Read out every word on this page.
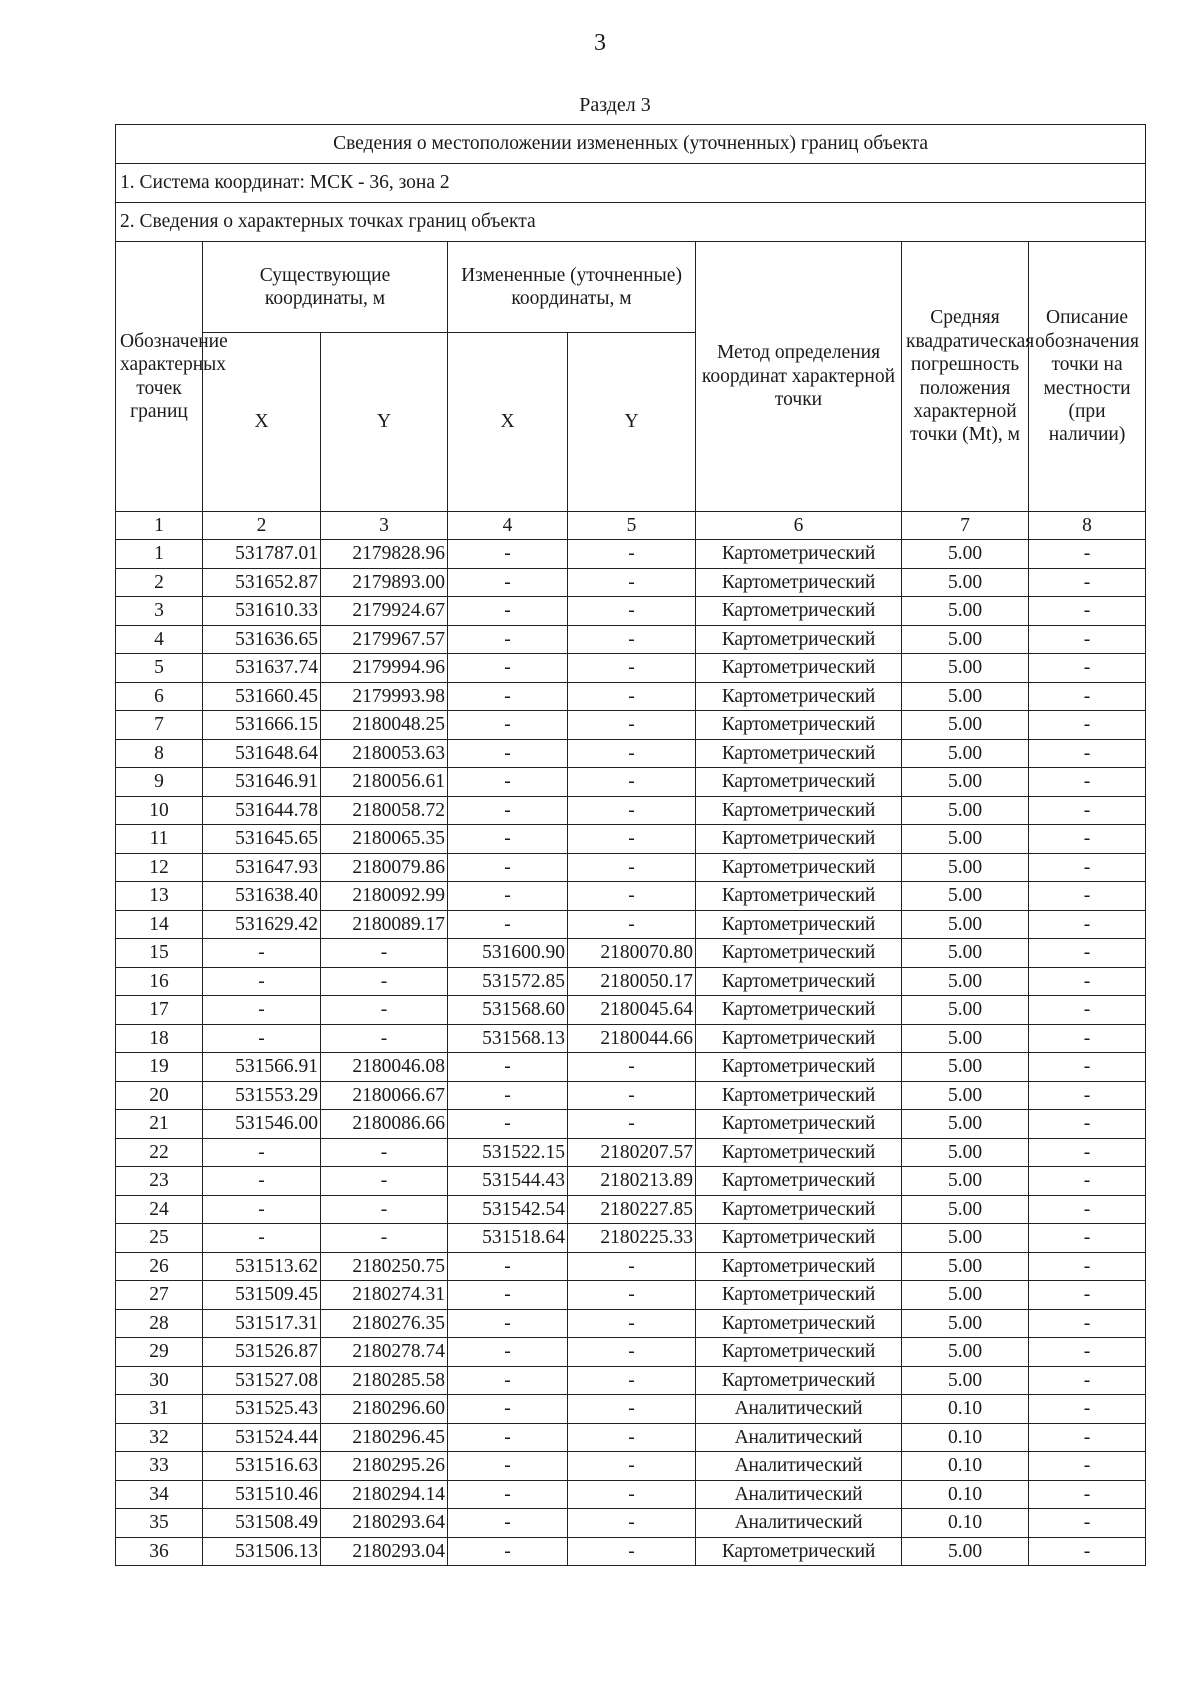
3
Раздел 3
Сведения о местоположении измененных (уточненных) границ объекта							
1. Система координат: МСК - 36, зона 2							
2. Сведения о характерных точках границ объекта							
Обозначение характерных точек границ	Существующие координаты, м		Измененные (уточненные) координаты, м		Метод определения координат характерной точки	Средняя квадратическая погрешность положения характерной точки (Mt), м	Описание обозначения точки на местности (при наличии)
	X	Y	X	Y			
1	2	3	4	5	6	7	8
1	531787.01	2179828.96	-	-	Картометрический	5.00	-
2	531652.87	2179893.00	-	-	Картометрический	5.00	-
3	531610.33	2179924.67	-	-	Картометрический	5.00	-
4	531636.65	2179967.57	-	-	Картометрический	5.00	-
5	531637.74	2179994.96	-	-	Картометрический	5.00	-
6	531660.45	2179993.98	-	-	Картометрический	5.00	-
7	531666.15	2180048.25	-	-	Картометрический	5.00	-
8	531648.64	2180053.63	-	-	Картометрический	5.00	-
9	531646.91	2180056.61	-	-	Картометрический	5.00	-
10	531644.78	2180058.72	-	-	Картометрический	5.00	-
11	531645.65	2180065.35	-	-	Картометрический	5.00	-
12	531647.93	2180079.86	-	-	Картометрический	5.00	-
13	531638.40	2180092.99	-	-	Картометрический	5.00	-
14	531629.42	2180089.17	-	-	Картометрический	5.00	-
15	-	-	531600.90	2180070.80	Картометрический	5.00	-
16	-	-	531572.85	2180050.17	Картометрический	5.00	-
17	-	-	531568.60	2180045.64	Картометрический	5.00	-
18	-	-	531568.13	2180044.66	Картометрический	5.00	-
19	531566.91	2180046.08	-	-	Картометрический	5.00	-
20	531553.29	2180066.67	-	-	Картометрический	5.00	-
21	531546.00	2180086.66	-	-	Картометрический	5.00	-
22	-	-	531522.15	2180207.57	Картометрический	5.00	-
23	-	-	531544.43	2180213.89	Картометрический	5.00	-
24	-	-	531542.54	2180227.85	Картометрический	5.00	-
25	-	-	531518.64	2180225.33	Картометрический	5.00	-
26	531513.62	2180250.75	-	-	Картометрический	5.00	-
27	531509.45	2180274.31	-	-	Картометрический	5.00	-
28	531517.31	2180276.35	-	-	Картометрический	5.00	-
29	531526.87	2180278.74	-	-	Картометрический	5.00	-
30	531527.08	2180285.58	-	-	Картометрический	5.00	-
31	531525.43	2180296.60	-	-	Аналитический	0.10	-
32	531524.44	2180296.45	-	-	Аналитический	0.10	-
33	531516.63	2180295.26	-	-	Аналитический	0.10	-
34	531510.46	2180294.14	-	-	Аналитический	0.10	-
35	531508.49	2180293.64	-	-	Аналитический	0.10	-
36	531506.13	2180293.04	-	-	Картометрический	5.00	-
